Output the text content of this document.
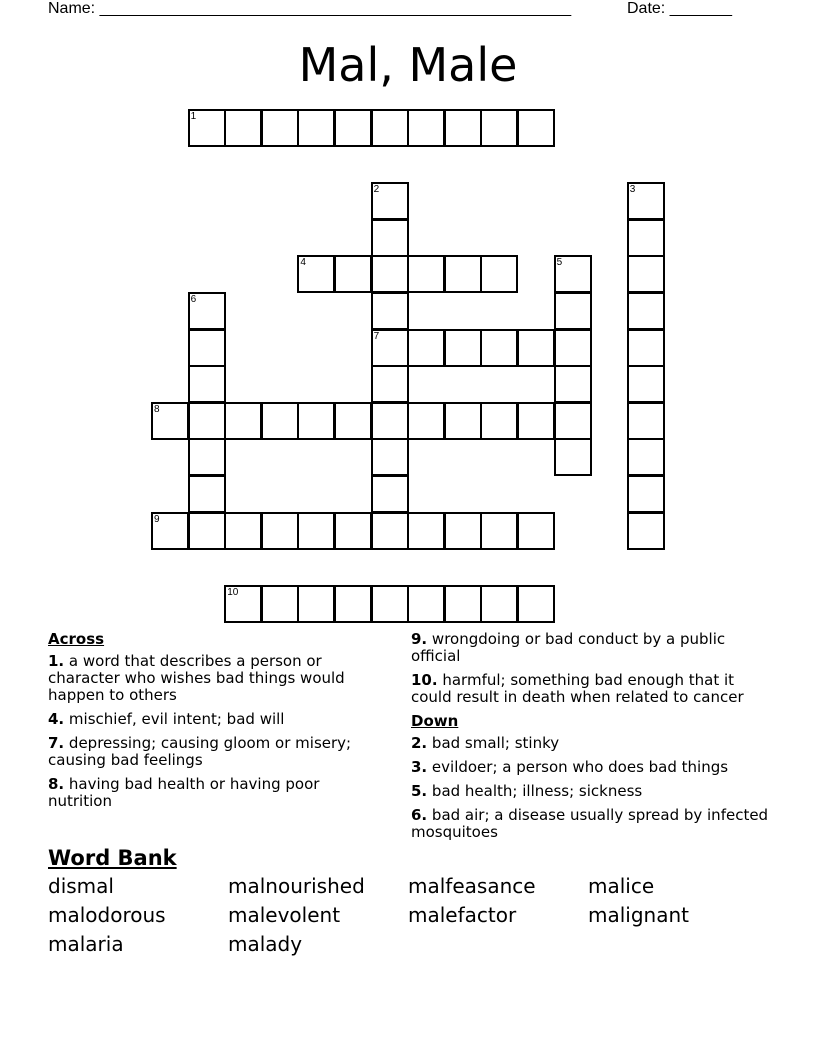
Name: _____________________________________________________	Date: _______
Mal, Male
1
2
7
3
4	5
6
8
9
10
Across
1. a word that describes a person or character who wishes bad things would happen to others
4. mischief, evil intent; bad will
7. depressing; causing gloom or misery; causing bad feelings
8. having bad health or having poor nutrition
9. wrongdoing or bad conduct by a public official
10. harmful; something bad enough that it could result in death when related to cancer
Down
2. bad small; stinky
3. evildoer; a person who does bad things
5. bad health; illness; sickness
6. bad air; a disease usually spread by infected mosquitoes
Word Bank
dismal	malnourished	malfeasance	malice
malodorous	malevolent	malefactor	malignant
malaria	malady
